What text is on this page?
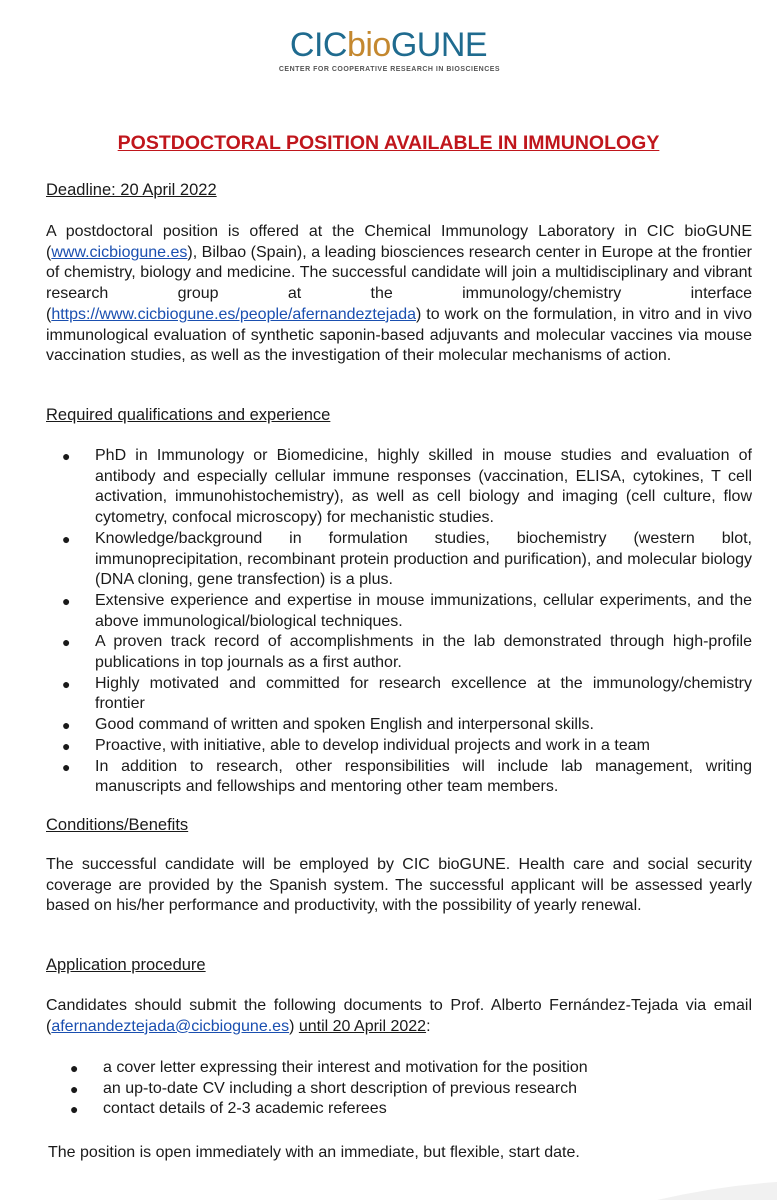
CICbioGUNE
CENTER FOR COOPERATIVE RESEARCH IN BIOSCIENCES
POSTDOCTORAL POSITION AVAILABLE IN IMMUNOLOGY
Deadline: 20 April 2022
A postdoctoral position is offered at the Chemical Immunology Laboratory in CIC bioGUNE (www.cicbiogune.es), Bilbao (Spain), a leading biosciences research center in Europe at the frontier of chemistry, biology and medicine. The successful candidate will join a multidisciplinary and vibrant research group at the immunology/chemistry interface (https://www.cicbiogune.es/people/afernandeztejada) to work on the formulation, in vitro and in vivo immunological evaluation of synthetic saponin-based adjuvants and molecular vaccines via mouse vaccination studies, as well as the investigation of their molecular mechanisms of action.
Required qualifications and experience
● PhD in Immunology or Biomedicine, highly skilled in mouse studies and evaluation of antibody and especially cellular immune responses (vaccination, ELISA, cytokines, T cell activation, immunohistochemistry), as well as cell biology and imaging (cell culture, flow cytometry, confocal microscopy) for mechanistic studies.
● Knowledge/background in formulation studies, biochemistry (western blot, immunoprecipitation, recombinant protein production and purification), and molecular biology (DNA cloning, gene transfection) is a plus.
● Extensive experience and expertise in mouse immunizations, cellular experiments, and the above immunological/biological techniques.
● A proven track record of accomplishments in the lab demonstrated through high-profile publications in top journals as a first author.
● Highly motivated and committed for research excellence at the immunology/chemistry frontier
● Good command of written and spoken English and interpersonal skills.
● Proactive, with initiative, able to develop individual projects and work in a team
● In addition to research, other responsibilities will include lab management, writing manuscripts and fellowships and mentoring other team members.
Conditions/Benefits
The successful candidate will be employed by CIC bioGUNE. Health care and social security coverage are provided by the Spanish system. The successful applicant will be assessed yearly based on his/her performance and productivity, with the possibility of yearly renewal.
Application procedure
Candidates should submit the following documents to Prof. Alberto Fernández-Tejada via email (afernandeztejada@cicbiogune.es) until 20 April 2022:
● a cover letter expressing their interest and motivation for the position
● an up-to-date CV including a short description of previous research
● contact details of 2-3 academic referees
The position is open immediately with an immediate, but flexible, start date.
